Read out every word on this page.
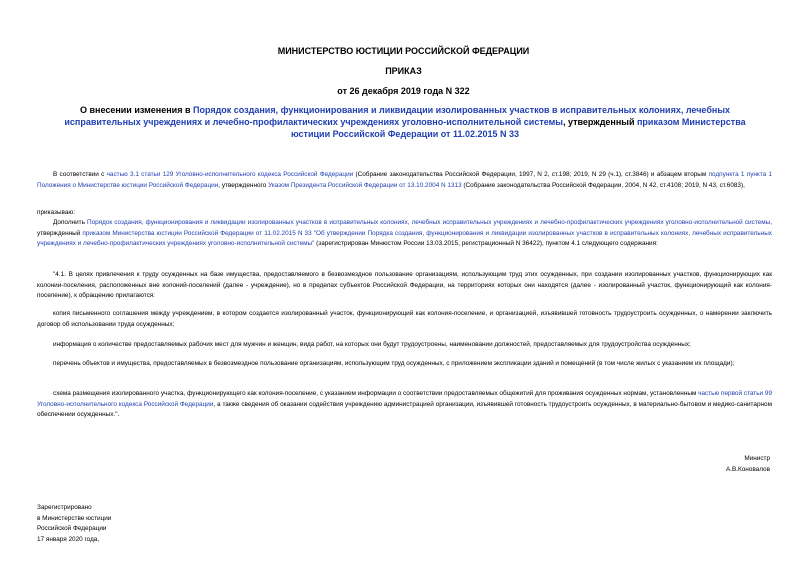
МИНИСТЕРСТВО ЮСТИЦИИ РОССИЙСКОЙ ФЕДЕРАЦИИ
ПРИКАЗ
от 26 декабря 2019 года N 322
О внесении изменения в Порядок создания, функционирования и ликвидации изолированных участков в исправительных колониях, лечебных исправительных учреждениях и лечебно-профилактических учреждениях уголовно-исполнительной системы, утвержденный приказом Министерства юстиции Российской Федерации от 11.02.2015 N 33
В соответствии с частью 3.1 статьи 129 Уголовно-исполнительного кодекса Российской Федерации (Собрание законодательства Российской Федерации, 1997, N 2, ст.198; 2019, N 29 (ч.1), ст.3846) и абзацем вторым подпункта 1 пункта 1 Положения о Министерстве юстиции Российской Федерации, утвержденного Указом Президента Российской Федерации от 13.10.2004 N 1313 (Собрание законодательства Российской Федерации, 2004, N 42, ст.4108; 2019, N 43, ст.6083),
приказываю:
Дополнить Порядок создания, функционирования и ликвидации изолированных участков в исправительных колониях, лечебных исправительных учреждениях и лечебно-профилактических учреждениях уголовно-исполнительной системы, утвержденный приказом Министерства юстиции Российской Федерации от 11.02.2015 N 33 "Об утверждении Порядка создания, функционирования и ликвидации изолированных участков в исправительных колониях, лечебных исправительных учреждениях и лечебно-профилактических учреждениях уголовно-исполнительной системы" (зарегистрирован Минюстом России 13.03.2015, регистрационный N 36422), пунктом 4.1 следующего содержания:
"4.1. В целях привлечения к труду осужденных на базе имущества, предоставляемого в безвозмездное пользование организациям, использующим труд этих осужденных, при создании изолированных участков, функционирующих как колонии-поселения, расположенных вне колоний-поселений (далее - учреждение), но в пределах субъектов Российской Федерации, на территориях которых они находятся (далее - изолированный участок, функционирующий как колония-поселение), к обращению прилагаются:
копия письменного соглашения между учреждением, в котором создается изолированный участок, функционирующий как колония-поселение, и организацией, изъявившей готовность трудоустроить осужденных, о намерении заключить договор об использовании труда осужденных;
информация о количестве предоставляемых рабочих мест для мужчин и женщин, вида работ, на которых они будут трудоустроены, наименовании должностей, предоставляемых для трудоустройства осужденных;
перечень объектов и имущества, предоставляемых в безвозмездное пользование организациям, использующим труд осужденных, с приложением экспликации зданий и помещений (в том числе жилых с указанием их площади);
схема размещения изолированного участка, функционирующего как колония-поселение, с указанием информации о соответствии предоставляемых общежитий для проживания осужденных нормам, установленным частью первой статьи 99 Уголовно-исполнительного кодекса Российской Федерации, а также сведения об оказании содействия учреждению администрацией организации, изъявившей готовность трудоустроить осужденных, в материально-бытовом и медико-санитарном обеспечении осужденных.".
Министр
А.В.Коновалов
Зарегистрировано
в Министерстве юстиции
Российской Федерации
17 января 2020 года,
